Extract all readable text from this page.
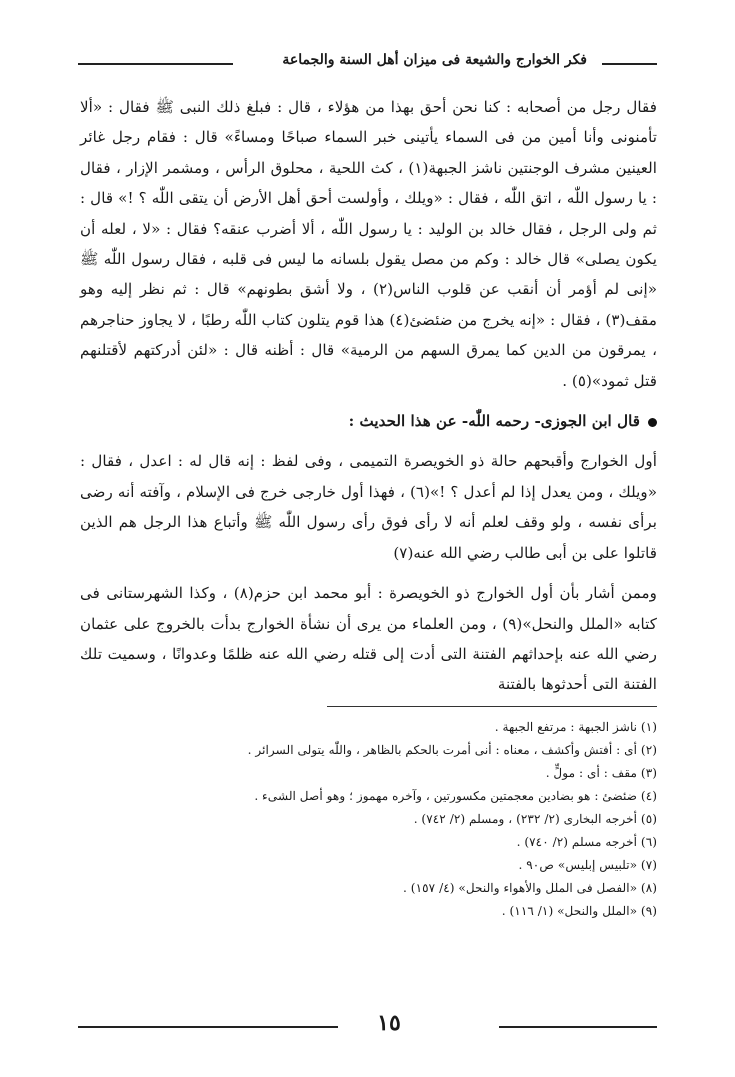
فكر الخوارج والشيعة فى ميزان أهل السنة والجماعة

فقال رجل من أصحابه : كنا نحن أحق بهذا من هؤلاء ، قال : فبلغ ذلك النبى ﷺ فقال : «ألا تأمنونى وأنا أمين من فى السماء يأتينى خبر السماء صباحًا ومساءً» قال : فقام رجل غائر العينين مشرف الوجنتين ناشز الجبهة(١) ، كث اللحية ، محلوق الرأس ، ومشمر الإزار ، فقال : يا رسول اللّٰه ، اتق اللّٰه ، فقال : «ويلك ، وأولست أحق أهل الأرض أن يتقى اللّٰه ؟ !» قال : ثم ولى الرجل ، فقال خالد بن الوليد : يا رسول اللّٰه ، ألا أضرب عنقه؟ فقال : «لا ، لعله أن يكون يصلى» قال خالد : وكم من مصل يقول بلسانه ما ليس فى قلبه ، فقال رسول اللّٰه ﷺ «إنى لم أؤمر أن أنقب عن قلوب الناس(٢) ، ولا أشق بطونهم» قال : ثم نظر إليه وهو مقف(٣) ، فقال : «إنه يخرج من ضئضئ(٤) هذا قوم يتلون كتاب اللّٰه رطبًا ، لا يجاوز حناجرهم ، يمرقون من الدين كما يمرق السهم من الرمية» قال : أظنه قال : «لئن أدركتهم لأقتلنهم قتل ثمود»(٥) .

قال ابن الجوزى- رحمه اللّٰه- عن هذا الحديث :

أول الخوارج وأقبحهم حالة ذو الخويصرة التميمى ، وفى لفظ : إنه قال له : اعدل ، فقال : «ويلك ، ومن يعدل إذا لم أعدل ؟ !»(٦) ، فهذا أول خارجى خرج فى الإسلام ، وآفته أنه رضى برأى نفسه ، ولو وقف لعلم أنه لا رأى فوق رأى رسول اللّٰه ﷺ وأتباع هذا الرجل هم الذين قاتلوا على بن أبى طالب رضي الله عنه(٧)

وممن أشار بأن أول الخوارج ذو الخويصرة : أبو محمد ابن حزم(٨) ، وكذا الشهرستانى فى كتابه «الملل والنحل»(٩) ، ومن العلماء من يرى أن نشأة الخوارج بدأت بالخروج على عثمان رضي الله عنه بإحداثهم الفتنة التى أدت إلى قتله رضي الله عنه ظلمًا وعدوانًا ، وسميت تلك الفتنة التى أحدثوها بالفتنة

(١) ناشز الجبهة : مرتفع الجبهة .
(٢) أى : أفتش وأكشف ، معناه : أنى أمرت بالحكم بالظاهر ، واللّٰه يتولى السرائر .
(٣) مقف : أى : مولٍّ .
(٤) ضئضئ : هو بضادين معجمتين مكسورتين ، وآخره مهموز ؛ وهو أصل الشىء .
(٥) أخرجه البخارى (٢/ ٢٣٢) ، ومسلم (٢/ ٧٤٢) .
(٦) أخرجه مسلم (٢/ ٧٤٠) .
(٧) «تلبيس إبليس» ص٩٠ .
(٨) «الفصل فى الملل والأهواء والنحل» (٤/ ١٥٧) .
(٩) «الملل والنحل» (١/ ١١٦) .
١٥
